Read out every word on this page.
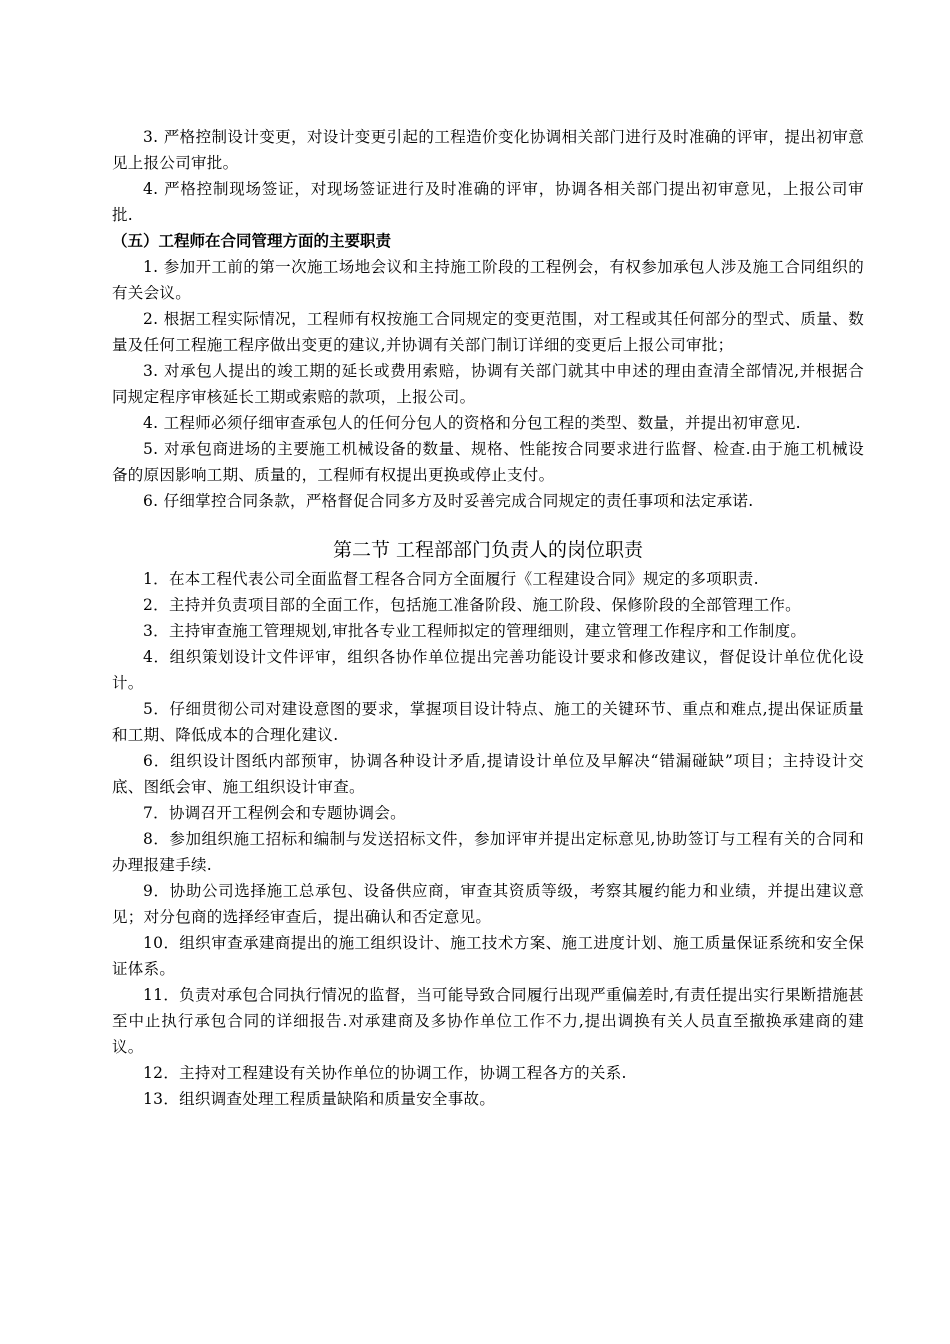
3. 严格控制设计变更，对设计变更引起的工程造价变化协调相关部门进行及时准确的评审，提出初审意见上报公司审批。

4. 严格控制现场签证，对现场签证进行及时准确的评审，协调各相关部门提出初审意见，上报公司审批.

（五）工程师在合同管理方面的主要职责

1. 参加开工前的第一次施工场地会议和主持施工阶段的工程例会，有权参加承包人涉及施工合同组织的有关会议。

2. 根据工程实际情况，工程师有权按施工合同规定的变更范围，对工程或其任何部分的型式、质量、数量及任何工程施工程序做出变更的建议,并协调有关部门制订详细的变更后上报公司审批；

3. 对承包人提出的竣工期的延长或费用索赔，协调有关部门就其中申述的理由查清全部情况,并根据合同规定程序审核延长工期或索赔的款项，上报公司。

4. 工程师必须仔细审查承包人的任何分包人的资格和分包工程的类型、数量，并提出初审意见.

5. 对承包商进场的主要施工机械设备的数量、规格、性能按合同要求进行监督、检查.由于施工机械设备的原因影响工期、质量的，工程师有权提出更换或停止支付。

6. 仔细掌控合同条款，严格督促合同多方及时妥善完成合同规定的责任事项和法定承诺.

第二节 工程部部门负责人的岗位职责

1．在本工程代表公司全面监督工程各合同方全面履行《工程建设合同》规定的多项职责.

2．主持并负责项目部的全面工作，包括施工准备阶段、施工阶段、保修阶段的全部管理工作。

3．主持审查施工管理规划,审批各专业工程师拟定的管理细则，建立管理工作程序和工作制度。

4．组织策划设计文件评审，组织各协作单位提出完善功能设计要求和修改建议，督促设计单位优化设计。

5．仔细贯彻公司对建设意图的要求，掌握项目设计特点、施工的关键环节、重点和难点,提出保证质量和工期、降低成本的合理化建议.

6．组织设计图纸内部预审，协调各种设计矛盾,提请设计单位及早解决“错漏碰缺”项目；主持设计交底、图纸会审、施工组织设计审查。

7．协调召开工程例会和专题协调会。

8．参加组织施工招标和编制与发送招标文件，参加评审并提出定标意见,协助签订与工程有关的合同和办理报建手续.

9．协助公司选择施工总承包、设备供应商，审查其资质等级，考察其履约能力和业绩，并提出建议意见；对分包商的选择经审查后，提出确认和否定意见。

10．组织审查承建商提出的施工组织设计、施工技术方案、施工进度计划、施工质量保证系统和安全保证体系。

11．负责对承包合同执行情况的监督，当可能导致合同履行出现严重偏差时,有责任提出实行果断措施甚至中止执行承包合同的详细报告.对承建商及多协作单位工作不力,提出调换有关人员直至撤换承建商的建议。

12．主持对工程建设有关协作单位的协调工作，协调工程各方的关系.

13．组织调查处理工程质量缺陷和质量安全事故。
